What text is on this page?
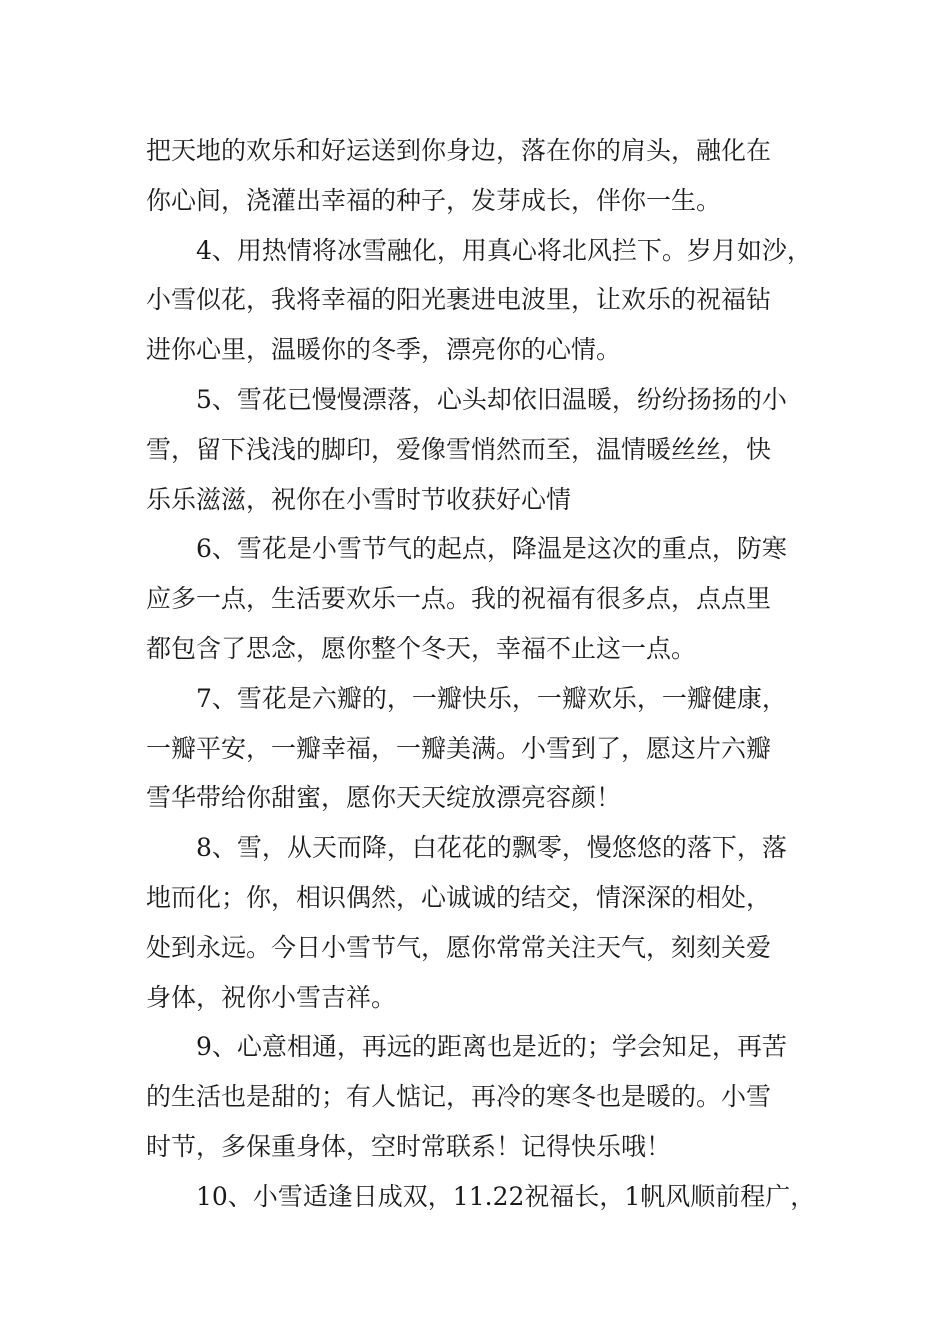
把天地的欢乐和好运送到你身边，落在你的肩头，融化在
你心间，浇灌出幸福的种子，发芽成长，伴你一生。
4、用热情将冰雪融化，用真心将北风拦下。岁月如沙，
小雪似花，我将幸福的阳光裹进电波里，让欢乐的祝福钻
进你心里，温暖你的冬季，漂亮你的心情。
5、雪花已慢慢漂落，心头却依旧温暖，纷纷扬扬的小
雪，留下浅浅的脚印，爱像雪悄然而至，温情暖丝丝，快
乐乐滋滋，祝你在小雪时节收获好心情
6、雪花是小雪节气的起点，降温是这次的重点，防寒
应多一点，生活要欢乐一点。我的祝福有很多点，点点里
都包含了思念，愿你整个冬天，幸福不止这一点。
7、雪花是六瓣的，一瓣快乐，一瓣欢乐，一瓣健康，
一瓣平安，一瓣幸福，一瓣美满。小雪到了，愿这片六瓣
雪华带给你甜蜜，愿你天天绽放漂亮容颜！
8、雪，从天而降，白花花的飘零，慢悠悠的落下，落
地而化；你，相识偶然，心诚诚的结交，情深深的相处，
处到永远。今日小雪节气，愿你常常关注天气，刻刻关爱
身体，祝你小雪吉祥。
9、心意相通，再远的距离也是近的；学会知足，再苦
的生活也是甜的；有人惦记，再冷的寒冬也是暖的。小雪
时节，多保重身体，空时常联系！记得快乐哦！
10、小雪适逢日成双，11.22祝福长，1帆风顺前程广，
